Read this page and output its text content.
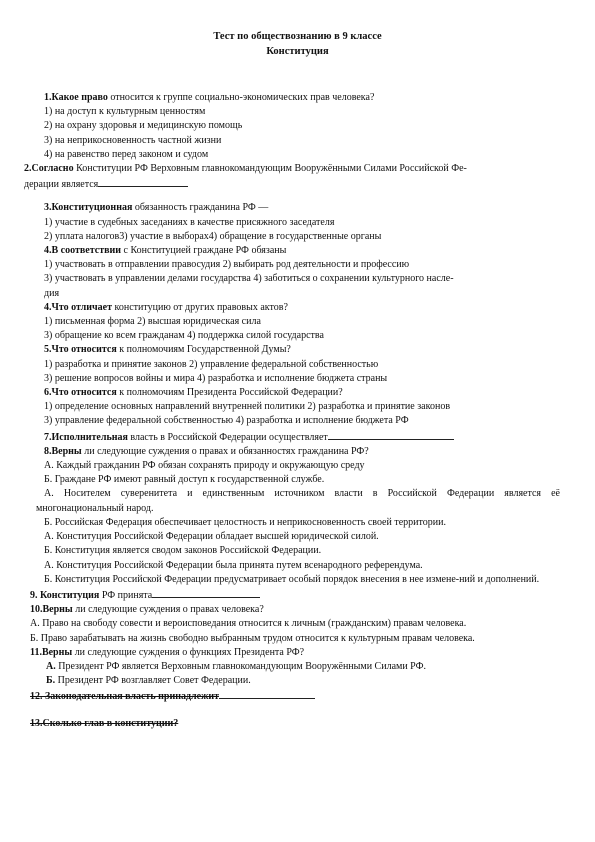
Тест по обществознанию в 9 классе
Конституция
1.Какое право относится к группе социально-экономических прав человека?
1) на доступ к культурным ценностям
2) на охрану здоровья и медицинскую помощь
3) на неприкосновенность частной жизни
4) на равенство перед законом и судом
2.Согласно Конституции РФ Верховным главнокомандующим Вооружёнными Силами Российской Фе-
дерации является
3.Конституционная обязанность гражданина РФ —
1) участие в судебных заседаниях в качестве присяжного заседателя
2) уплата налогов3) участие в выборах4) обращение в государственные органы
4.В соответствии с Конституцией граждане РФ обязаны
1) участвовать в отправлении правосудия 2) выбирать род деятельности и профессию
3) участвовать в управлении делами государства 4) заботиться о сохранении культурного насле-
дия
4.Что отличает конституцию от других правовых актов?
1) письменная форма 2) высшая юридическая сила
3) обращение ко всем гражданам 4) поддержка силой государства
5.Что относится к полномочиям Государственной Думы?
1) разработка и принятие законов 2) управление федеральной собственностью
3) решение вопросов войны и мира 4) разработка и исполнение бюджета страны
6.Что относится к полномочиям Президента Российской Федерации?
1) определение основных направлений внутренней политики 2) разработка и принятие законов
3) управление федеральной собственностью 4) разработка и исполнение бюджета РФ
7.Исполнительная власть в Российской Федерации осуществляет
8.Верны ли следующие суждения о правах и обязанностях гражданина РФ?
А. Каждый гражданин РФ обязан сохранять природу и окружающую среду
Б. Граждане РФ имеют равный доступ к государственной службе.
А. Носителем суверенитета и единственным источником власти в Российской Федерации является её многонациональный народ.
Б. Российская Федерация обеспечивает целостность и неприкосновенность своей территории.
А. Конституция Российской Федерации обладает высшей юридической силой.
Б. Конституция является сводом законов Российской Федерации.
А. Конституция Российской Федерации была принята путем всенародного референдума.
Б. Конституция Российской Федерации предусматривает особый порядок внесения в нее измене-ний и дополнений.
9. Конституция РФ принята
10.Верны ли следующие суждения о правах человека?
А. Право на свободу совести и вероисповедания относится к личным (гражданским) правам человека.
Б. Право зарабатывать на жизнь свободно выбранным трудом относится к культурным правам человека.
11.Верны ли следующие суждения о функциях Президента РФ?
А. Президент РФ является Верховным главнокомандующим Вооружёнными Силами РФ.
Б. Президент РФ возглавляет Совет Федерации.
12. Законодательная власть принадлежит
13.Сколько глав в конституции?
